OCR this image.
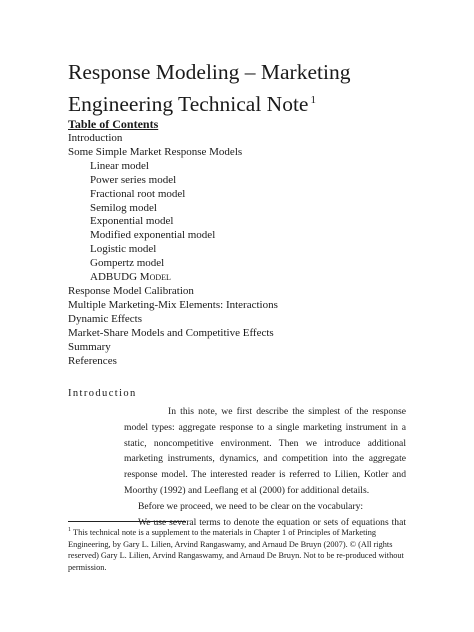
Response Modeling – Marketing
Engineering Technical Note $^1$
Table of Contents
Introduction
Some Simple Market Response Models
Linear model
Power series model
Fractional root model
Semilog model
Exponential model
Modified exponential model
Logistic model
Gompertz model
ADBUDG Model
Response Model Calibration
Multiple Marketing-Mix Elements: Interactions
Dynamic Effects
Market-Share Models and Competitive Effects
Summary
References
Introduction

In this note, we first describe the simplest of the response model types: aggregate response to a single marketing instrument in a static, noncompetitive environment. Then we introduce additional marketing instruments, dynamics, and competition into the aggregate response model. The interested reader is referred to Lilien, Kotler and Moorthy (1992) and Leeflang et al (2000) for additional details.

Before we proceed, we need to be clear on the vocabulary:

We use several terms to denote the equation or sets of equations that

$^1$ This technical note is a supplement to the materials in Chapter 1 of Principles of Marketing Engineering, by Gary L. Lilien, Arvind Rangaswamy, and Arnaud De Bruyn (2007). © (All rights reserved) Gary L. Lilien, Arvind Rangaswamy, and Arnaud De Bruyn. Not to be re-produced without permission.
